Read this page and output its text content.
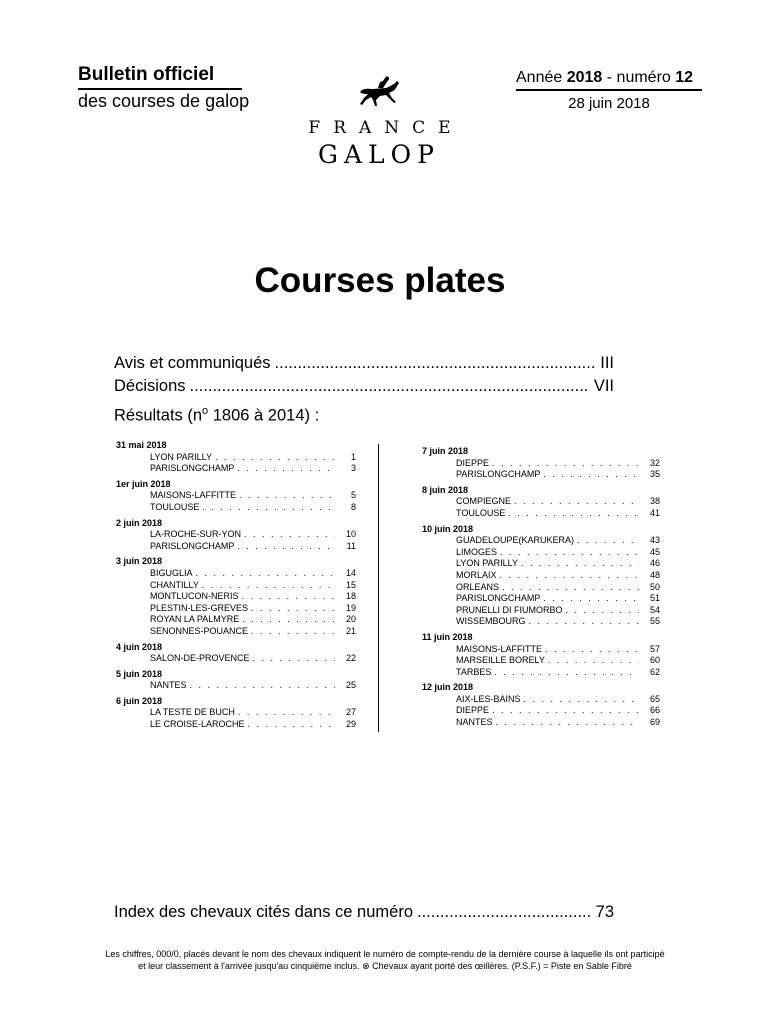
Bulletin officiel
des courses de galop
Année 2018 - numéro 12
28 juin 2018
FRANCE
GALOP
Courses plates
Avis et communiqués .....	III
Décisions .....	VII
Résultats ($n^o$ 1806 à 2014) :
31 mai 2018
LYON PARILLY . . .	1
PARISLONGCHAMP . . .	3
1er juin 2018
MAISONS-LAFFITTE . . .	5
TOULOUSE . . .	8
2 juin 2018
LA-ROCHE-SUR-YON . . .	10
PARISLONGCHAMP . . .	11
3 juin 2018
BIGUGLIA . . .	14
CHANTILLY . . .	15
MONTLUCON-NERIS . . .	18
PLESTIN-LES-GREVES . . .	19
ROYAN LA PALMYRE . . .	20
SENONNES-POUANCE . . .	21
4 juin 2018
SALON-DE-PROVENCE . . .	22
5 juin 2018
NANTES . . .	25
6 juin 2018
LA TESTE DE BUCH . . .	27
LE CROISE-LAROCHE . . .	29
7 juin 2018
DIEPPE . . .	32
PARISLONGCHAMP . . .	35
8 juin 2018
COMPIEGNE . . .	38
TOULOUSE . . .	41
10 juin 2018
GUADELOUPE(KARUKERA) . . .	43
LIMOGES . . .	45
LYON PARILLY . . .	46
MORLAIX . . .	48
ORLEANS . . .	50
PARISLONGCHAMP . . .	51
PRUNELLI DI FIUMORBO . . .	54
WISSEMBOURG . . .	55
11 juin 2018
MAISONS-LAFFITTE . . .	57
MARSEILLE BORELY . . .	60
TARBES . . .	62
12 juin 2018
AIX-LES-BAINS . . .	65
DIEPPE . . .	66
NANTES . . .	69
Index des chevaux cités dans ce numéro .....	73
Les chiffres, 000/0, placés devant le nom des chevaux indiquent le numéro de compte-rendu de la dernière course à laquelle ils ont participé
et leur classement à l'arrivée jusqu'au cinquième inclus. ⊗ Chevaux ayant porté des œillères. (P.S.F.) = Piste en Sable Fibré
